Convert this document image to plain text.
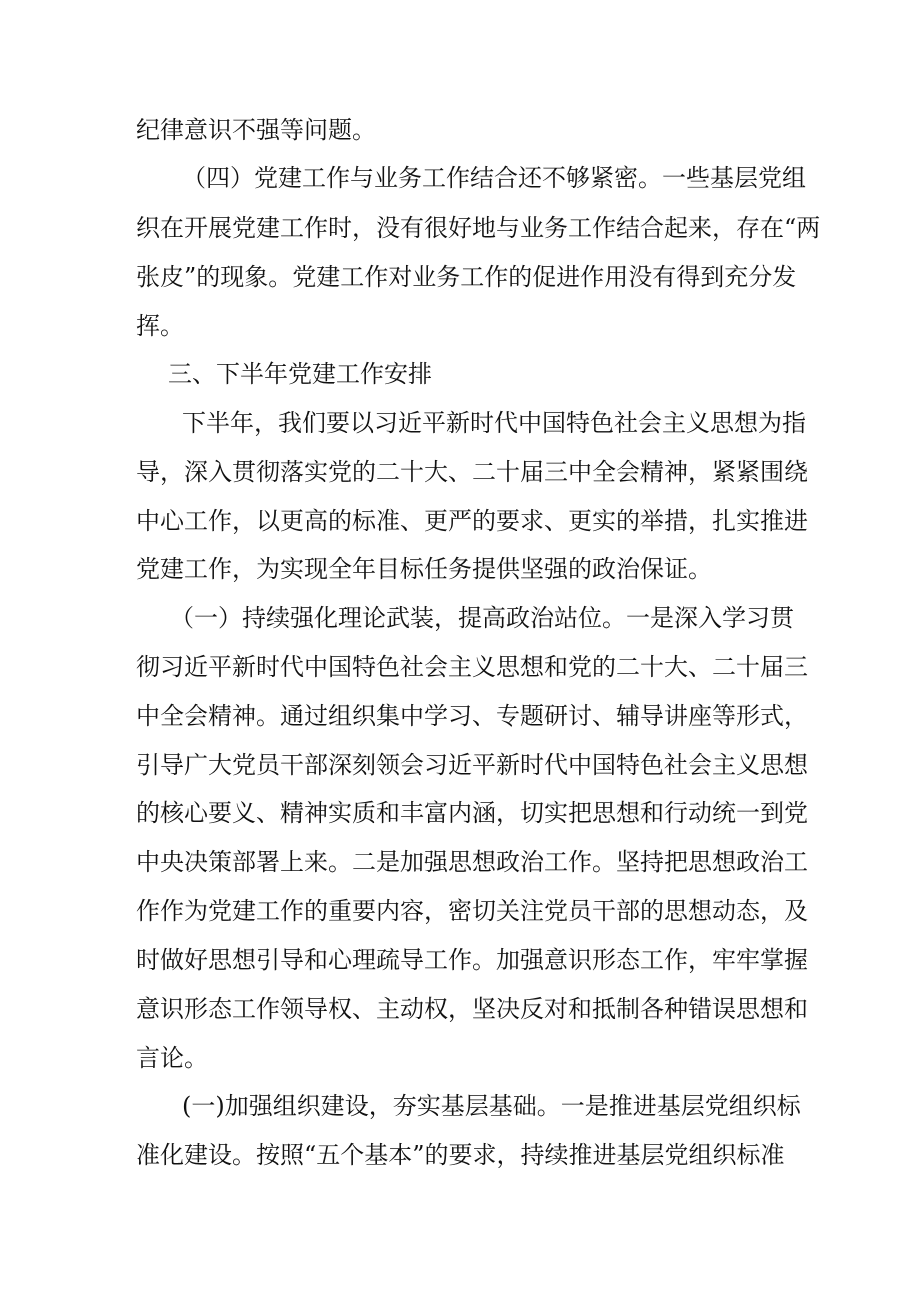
纪律意识不强等问题。
（四）党建工作与业务工作结合还不够紧密。一些基层党组
织在开展党建工作时，没有很好地与业务工作结合起来，存在“两
张皮”的现象。党建工作对业务工作的促进作用没有得到充分发
挥。
三、下半年党建工作安排
下半年，我们要以习近平新时代中国特色社会主义思想为指
导，深入贯彻落实党的二十大、二十届三中全会精神，紧紧围绕
中心工作，以更高的标准、更严的要求、更实的举措，扎实推进
党建工作，为实现全年目标任务提供坚强的政治保证。
（一）持续强化理论武装，提高政治站位。一是深入学习贯
彻习近平新时代中国特色社会主义思想和党的二十大、二十届三
中全会精神。通过组织集中学习、专题研讨、辅导讲座等形式，
引导广大党员干部深刻领会习近平新时代中国特色社会主义思想
的核心要义、精神实质和丰富内涵，切实把思想和行动统一到党
中央决策部署上来。二是加强思想政治工作。坚持把思想政治工
作作为党建工作的重要内容，密切关注党员干部的思想动态，及
时做好思想引导和心理疏导工作。加强意识形态工作，牢牢掌握
意识形态工作领导权、主动权，坚决反对和抵制各种错误思想和
言论。
(一)加强组织建设，夯实基层基础。一是推进基层党组织标
准化建设。按照“五个基本”的要求，持续推进基层党组织标准
